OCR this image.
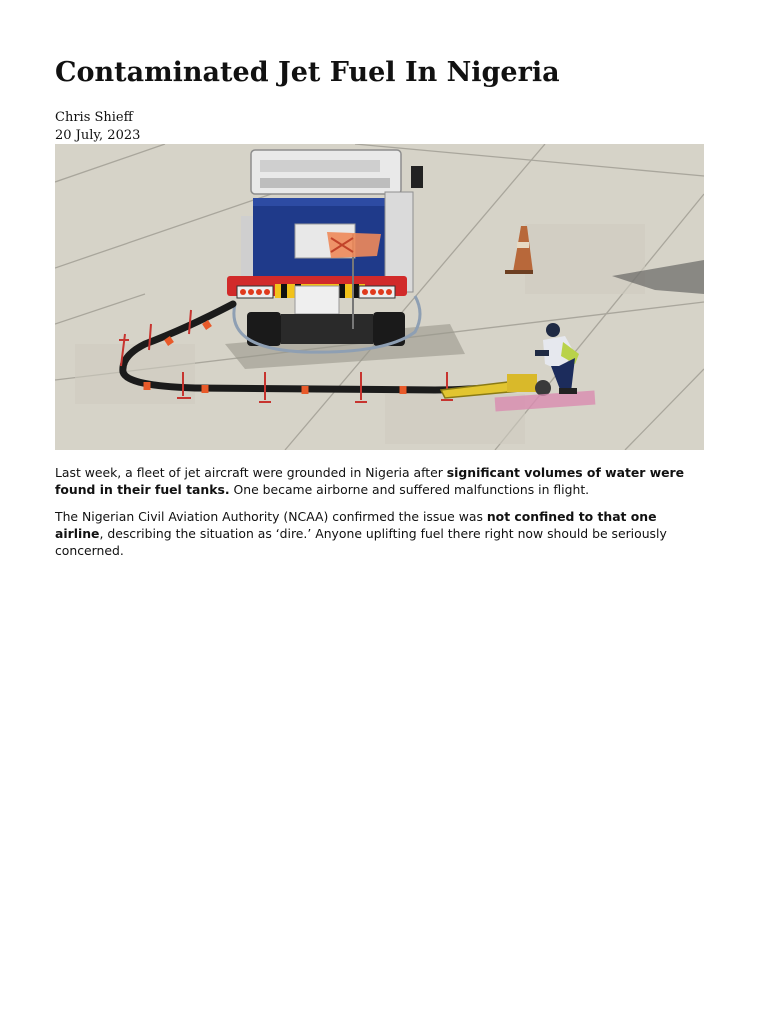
Contaminated Jet Fuel In Nigeria
Chris Shieff
20 July, 2023

Last week, a fleet of jet aircraft were grounded in Nigeria after significant volumes of water were found in their fuel tanks. One became airborne and suffered malfunctions in flight.

The Nigerian Civil Aviation Authority (NCAA) confirmed the issue was not confined to that one airline, describing the situation as ‘dire.’ Anyone uplifting fuel there right now should be seriously concerned.
